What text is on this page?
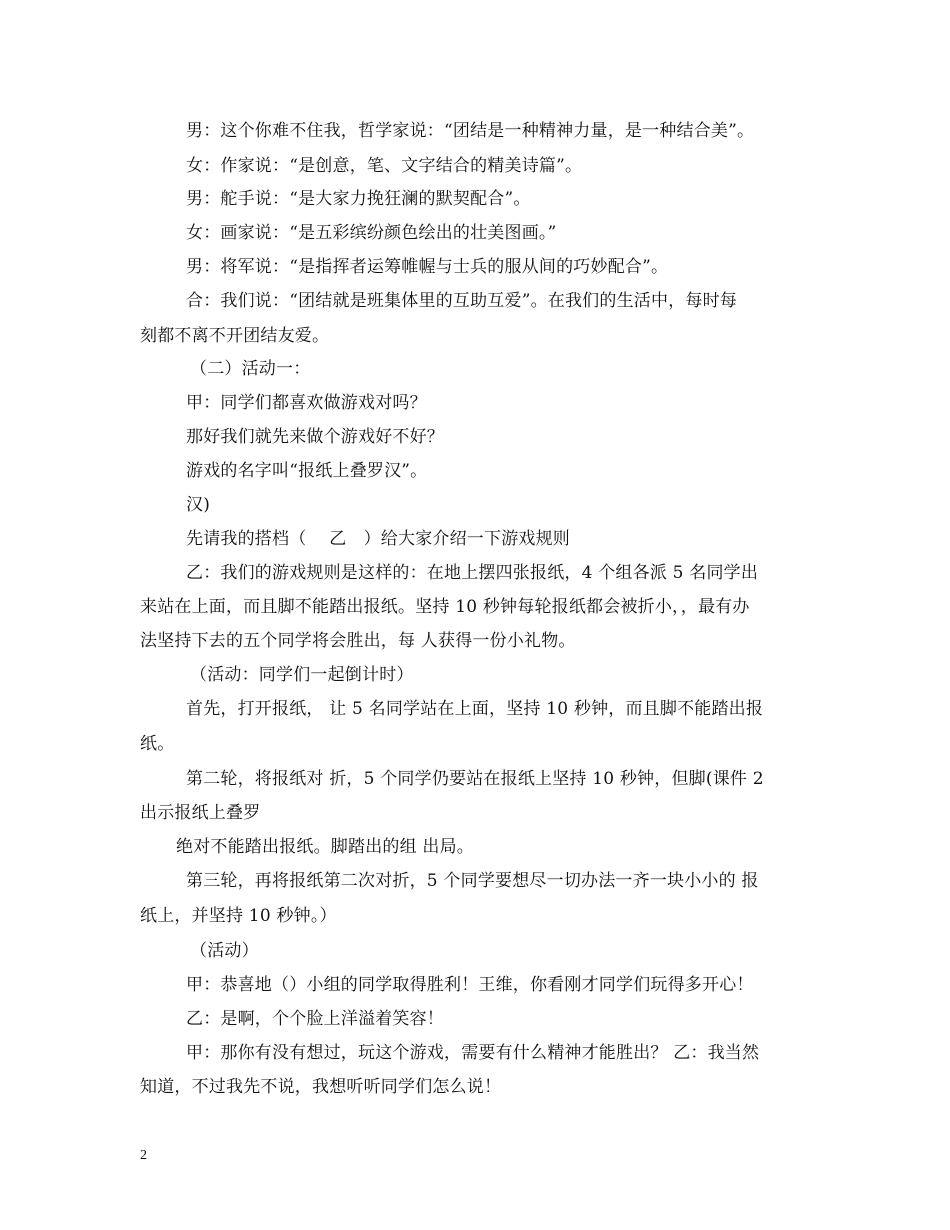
男：这个你难不住我，哲学家说：“团结是一种精神力量，是一种结合美”。
女：作家说：“是创意，笔、文字结合的精美诗篇”。
男：舵手说：“是大家力挽狂澜的默契配合”。
女：画家说：“是五彩缤纷颜色绘出的壮美图画。”
男：将军说：“是指挥者运筹帷幄与士兵的服从间的巧妙配合”。
合：我们说：“团结就是班集体里的互助互爱”。在我们的生活中，每时每
刻都不离不开团结友爱。
（二）活动一：
甲：同学们都喜欢做游戏对吗？
那好我们就先来做个游戏好不好？
游戏的名字叫“报纸上叠罗汉”。
汉)
先请我的搭档（　 乙　）给大家介绍一下游戏规则
乙：我们的游戏规则是这样的：在地上摆四张报纸，4 个组各派 5 名同学出
来站在上面，而且脚不能踏出报纸。坚持 10 秒钟每轮报纸都会被折小，，最有办
法坚持下去的五个同学将会胜出，每 人获得一份小礼物。
（活动：同学们一起倒计时）
首先，打开报纸， 让 5 名同学站在上面，坚持 10 秒钟，而且脚不能踏出报
纸。
第二轮，将报纸对 折，5 个同学仍要站在报纸上坚持 10 秒钟，但脚(课件 2
出示报纸上叠罗
绝对不能踏出报纸。脚踏出的组 出局。
第三轮，再将报纸第二次对折，5 个同学要想尽一切办法一齐一块小小的 报
纸上，并坚持 10 秒钟。）
（活动）
甲：恭喜地（）小组的同学取得胜利！王维，你看刚才同学们玩得多开心！
乙：是啊，个个脸上洋溢着笑容！
甲：那你有没有想过，玩这个游戏，需要有什么精神才能胜出？ 乙：我当然
知道，不过我先不说，我想听听同学们怎么说！
2
